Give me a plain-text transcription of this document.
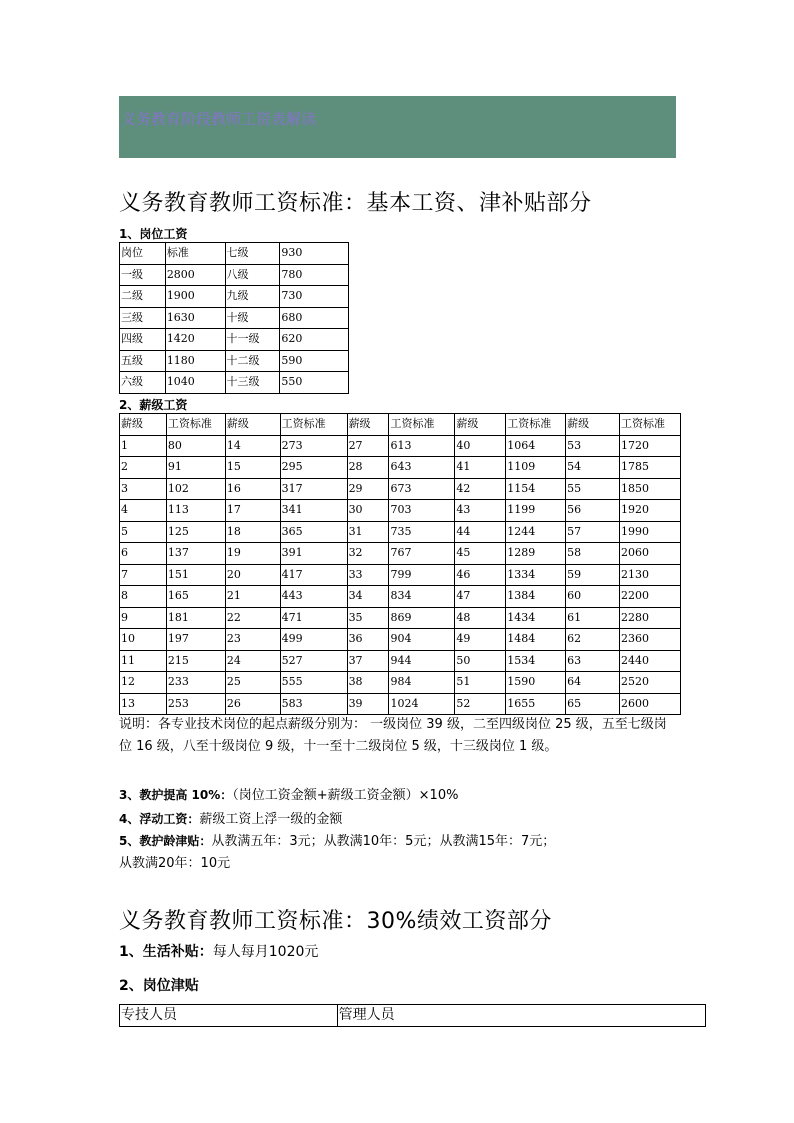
义务教育阶段教师工资表解读
义务教育教师工资标准：基本工资、津补贴部分
1、岗位工资
岗位	标准	七级	930
一级	2800	八级	780
二级	1900	九级	730
三级	1630	十级	680
四级	1420	十一级	620
五级	1180	十二级	590
六级	1040	十三级	550
2、薪级工资
薪级	工资标准	薪级	工资标准	薪级	工资标准	薪级	工资标准	薪级	工资标准
1	80	14	273	27	613	40	1064	53	1720
2	91	15	295	28	643	41	1109	54	1785
3	102	16	317	29	673	42	1154	55	1850
4	113	17	341	30	703	43	1199	56	1920
5	125	18	365	31	735	44	1244	57	1990
6	137	19	391	32	767	45	1289	58	2060
7	151	20	417	33	799	46	1334	59	2130
8	165	21	443	34	834	47	1384	60	2200
9	181	22	471	35	869	48	1434	61	2280
10	197	23	499	36	904	49	1484	62	2360
11	215	24	527	37	944	50	1534	63	2440
12	233	25	555	38	984	51	1590	64	2520
13	253	26	583	39	1024	52	1655	65	2600
说明：各专业技术岗位的起点薪级分别为： 一级岗位 39 级，二至四级岗位 25 级，五至七级岗位 16 级，八至十级岗位 9 级，十一至十二级岗位 5 级，十三级岗位 1 级。
3、教护提高 10%：（岗位工资金额+薪级工资金额）×10%
4、浮动工资：薪级工资上浮一级的金额
5、教护龄津贴：从教满五年：3元；从教满10年：5元；从教满15年：7元；
从教满20年：10元
义务教育教师工资标准：30%绩效工资部分
1、生活补贴：每人每月1020元
2、岗位津贴
专技人员	管理人员
